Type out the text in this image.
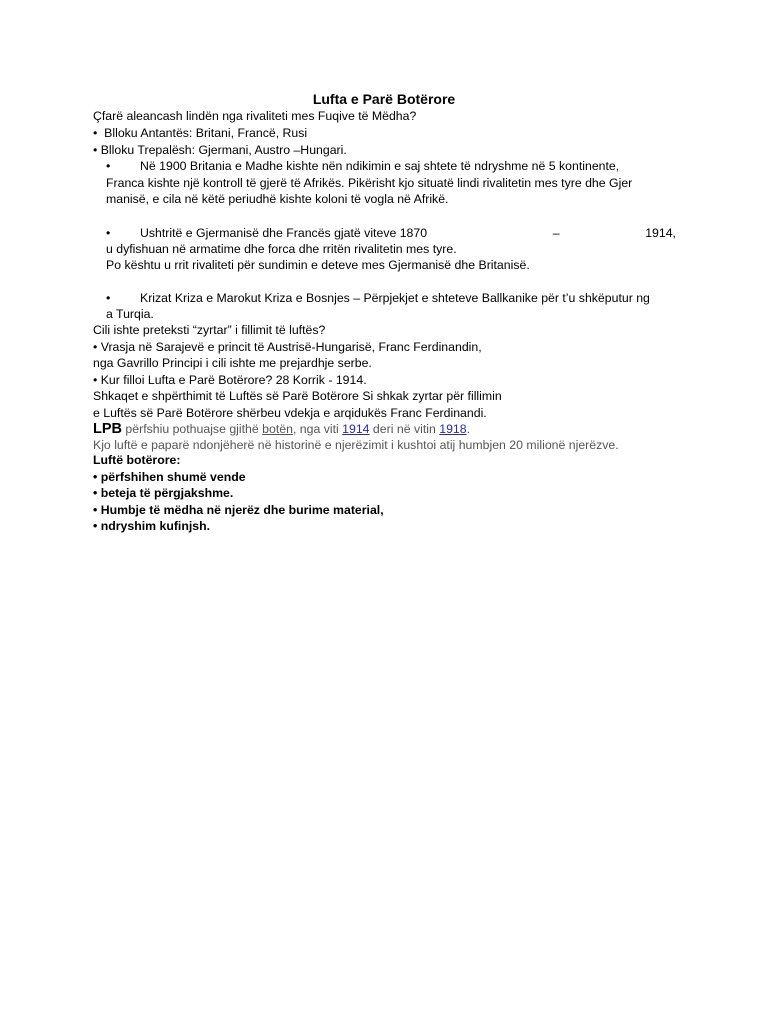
Lufta e Parë Botërore
Çfarë aleancash lindën nga rivaliteti mes Fuqive të Mëdha?
• Blloku Antantës: Britani, Francë, Rusi
• Blloku Trepalësh: Gjermani, Austro –Hungari.
• Në 1900 Britania e Madhe kishte nën ndikimin e saj shtete të ndryshme në 5 kontinente,
Franca kishte një kontroll të gjerë të Afrikës. Pikërisht kjo situatë lindi rivalitetin mes tyre dhe Gjer
manisë, e cila në këtë periudhë kishte koloni të vogla në Afrikë.
• Ushtritë e Gjermanisë dhe Francës gjatë viteve 1870	–	1914,
u dyfishuan në armatime dhe forca dhe rritën rivalitetin mes tyre.
Po kështu u rrit rivaliteti për sundimin e deteve mes Gjermanisë dhe Britanisë.
• Krizat Kriza e Marokut Kriza e Bosnjes – Përpjekjet e shteteve Ballkanike për t’u shkëputur ng
a Turqia.
Cili ishte preteksti “zyrtar” i fillimit të luftës?
• Vrasja në Sarajevë e princit të Austrisë-Hungarisë, Franc Ferdinandin,
nga Gavrillo Principi i cili ishte me prejardhje serbe.
• Kur filloi Lufta e Parë Botërore? 28 Korrik - 1914.
Shkaqet e shpërthimit të Luftës së Parë Botërore Si shkak zyrtar për fillimin
e Luftës së Parë Botërore shërbeu vdekja e arqidukës Franc Ferdinandi.
LPB përfshiu pothuajse gjithë botën, nga viti 1914 deri në vitin 1918.
Kjo luftë e paparë ndonjëherë në historinë e njerëzimit i kushtoi atij humbjen 20 milionë njerëzve.
Luftë botërore:
• përfshihen shumë vende
• beteja të përgjakshme.
• Humbje të mëdha në njerëz dhe burime material,
• ndryshim kufinjsh.
